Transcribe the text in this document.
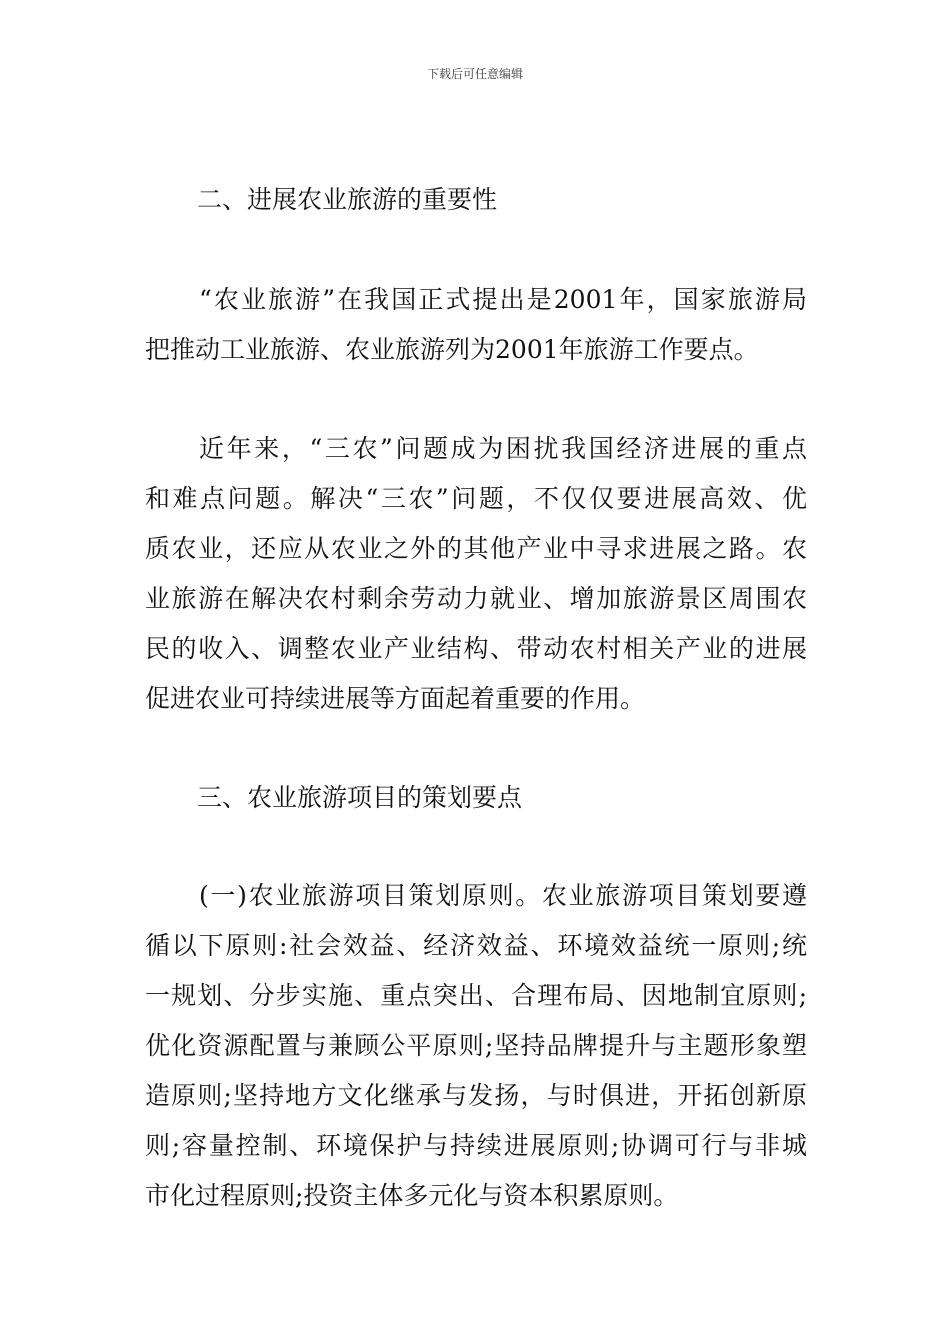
下载后可任意编辑
二、进展农业旅游的重要性
“农业旅游”在我国正式提出是2001年，国家旅游局
把推动工业旅游、农业旅游列为2001年旅游工作要点。
近年来，“三农”问题成为困扰我国经济进展的重点
和难点问题。解决“三农”问题，不仅仅要进展高效、优
质农业，还应从农业之外的其他产业中寻求进展之路。农
业旅游在解决农村剩余劳动力就业、增加旅游景区周围农
民的收入、调整农业产业结构、带动农村相关产业的进展
促进农业可持续进展等方面起着重要的作用。
三、农业旅游项目的策划要点
(一)农业旅游项目策划原则。农业旅游项目策划要遵
循以下原则:社会效益、经济效益、环境效益统一原则;统
一规划、分步实施、重点突出、合理布局、因地制宜原则;
优化资源配置与兼顾公平原则;坚持品牌提升与主题形象塑
造原则;坚持地方文化继承与发扬，与时俱进，开拓创新原
则;容量控制、环境保护与持续进展原则;协调可行与非城
市化过程原则;投资主体多元化与资本积累原则。
